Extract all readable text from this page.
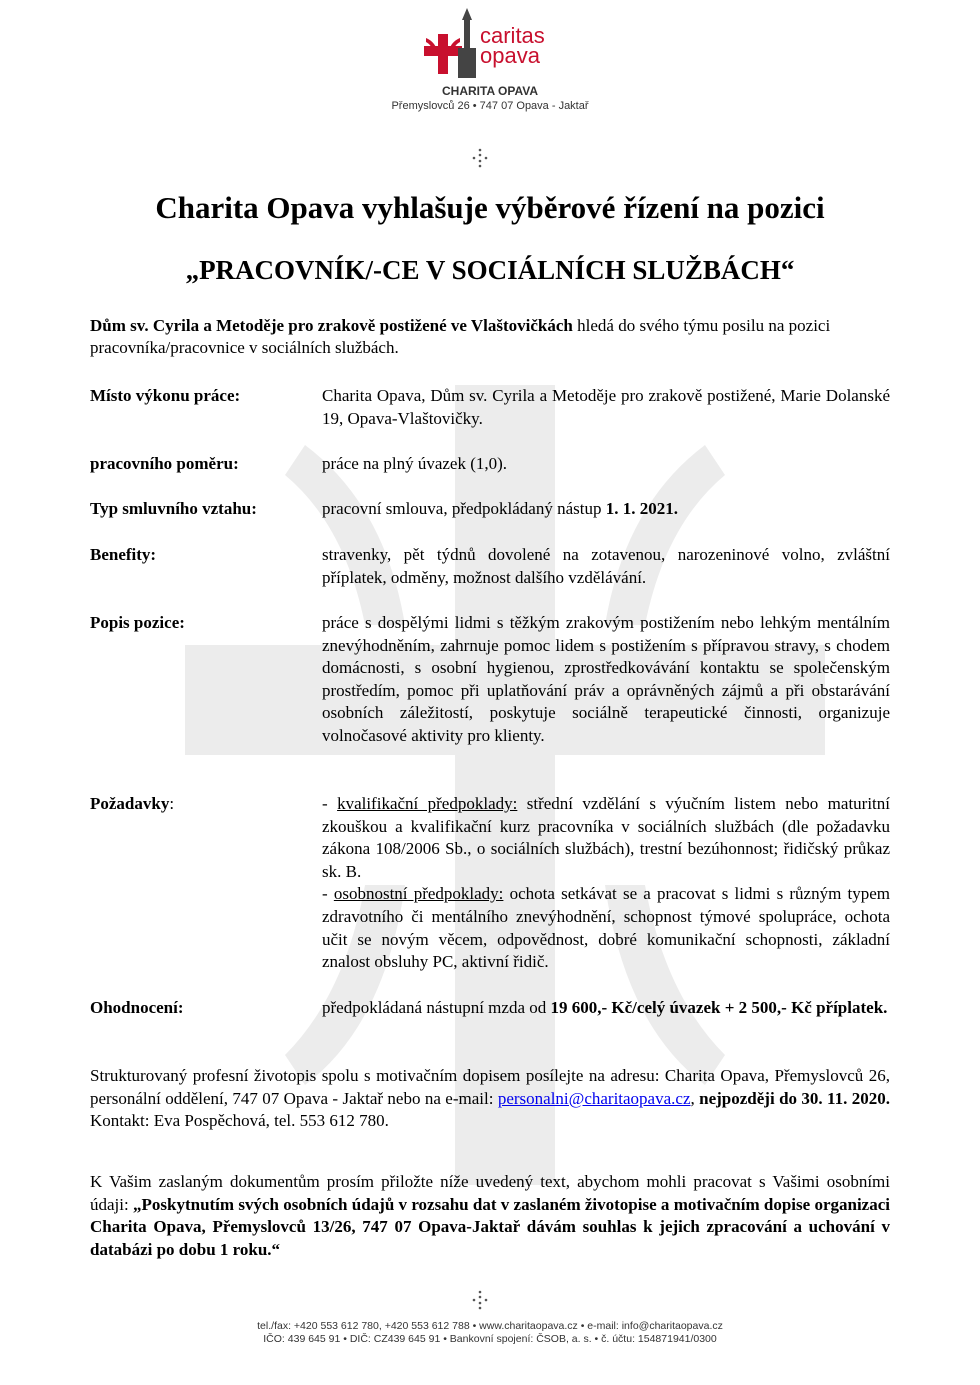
caritas
opava
CHARITA OPAVA
Přemyslovců 26 • 747 07 Opava - Jaktař
Charita Opava vyhlašuje výběrové řízení na pozici
„PRACOVNÍK/-CE V SOCIÁLNÍCH SLUŽBÁCH“
Dům sv. Cyrila a Metoděje pro zrakově postižené ve Vlaštovičkách hledá do svého týmu posilu na pozici pracovníka/pracovnice v sociálních službách.
Místo výkonu práce:	Charita Opava, Dům sv. Cyrila a Metoděje pro zrakově postižené, Marie Dolanské 19, Opava-Vlaštovičky.
pracovního poměru:	práce na plný úvazek (1,0).
Typ smluvního vztahu:	pracovní smlouva, předpokládaný nástup 1. 1. 2021.
Benefity:	stravenky, pět týdnů dovolené na zotavenou, narozeninové volno, zvláštní příplatek, odměny, možnost dalšího vzdělávání.
Popis pozice:	práce s dospělými lidmi s těžkým zrakovým postižením nebo lehkým mentálním znevýhodněním, zahrnuje pomoc lidem s postižením s přípravou stravy, s chodem domácnosti, s osobní hygienou, zprostředkovávání kontaktu se společenským prostředím, pomoc při uplatňování práv a oprávněných zájmů a při obstarávání osobních záležitostí, poskytuje sociálně terapeutické činnosti, organizuje volnočasové aktivity pro klienty.
Požadavky:	- kvalifikační předpoklady: střední vzdělání s výučním listem nebo maturitní zkouškou a kvalifikační kurz pracovníka v sociálních službách (dle požadavku zákona 108/2006 Sb., o sociálních službách), trestní bezúhonnost; řidičský průkaz sk. B.
- osobnostní předpoklady: ochota setkávat se a pracovat s lidmi s různým typem zdravotního či mentálního znevýhodnění, schopnost týmové spolupráce, ochota učit se novým věcem, odpovědnost, dobré komunikační schopnosti, základní znalost obsluhy PC, aktivní řidič.
Ohodnocení:	předpokládaná nástupní mzda od 19 600,- Kč/celý úvazek + 2 500,- Kč příplatek.
Strukturovaný profesní životopis spolu s motivačním dopisem posílejte na adresu: Charita Opava, Přemyslovců 26, personální oddělení, 747 07 Opava - Jaktař nebo na e-mail: personalni@charitaopava.cz, nejpozději do 30. 11. 2020. Kontakt: Eva Pospěchová, tel. 553 612 780.
K Vašim zaslaným dokumentům prosím přiložte níže uvedený text, abychom mohli pracovat s Vašimi osobními údaji: „Poskytnutím svých osobních údajů v rozsahu dat v zaslaném životopise a motivačním dopise organizaci Charita Opava, Přemyslovců 13/26, 747 07 Opava-Jaktař dávám souhlas k jejich zpracování a uchování v databázi po dobu 1 roku.“
tel./fax: +420 553 612 780, +420 553 612 788 • www.charitaopava.cz • e-mail: info@charitaopava.cz
IČO: 439 645 91 • DIČ: CZ439 645 91 • Bankovní spojení: ČSOB, a. s. • č. účtu: 154871941/0300
